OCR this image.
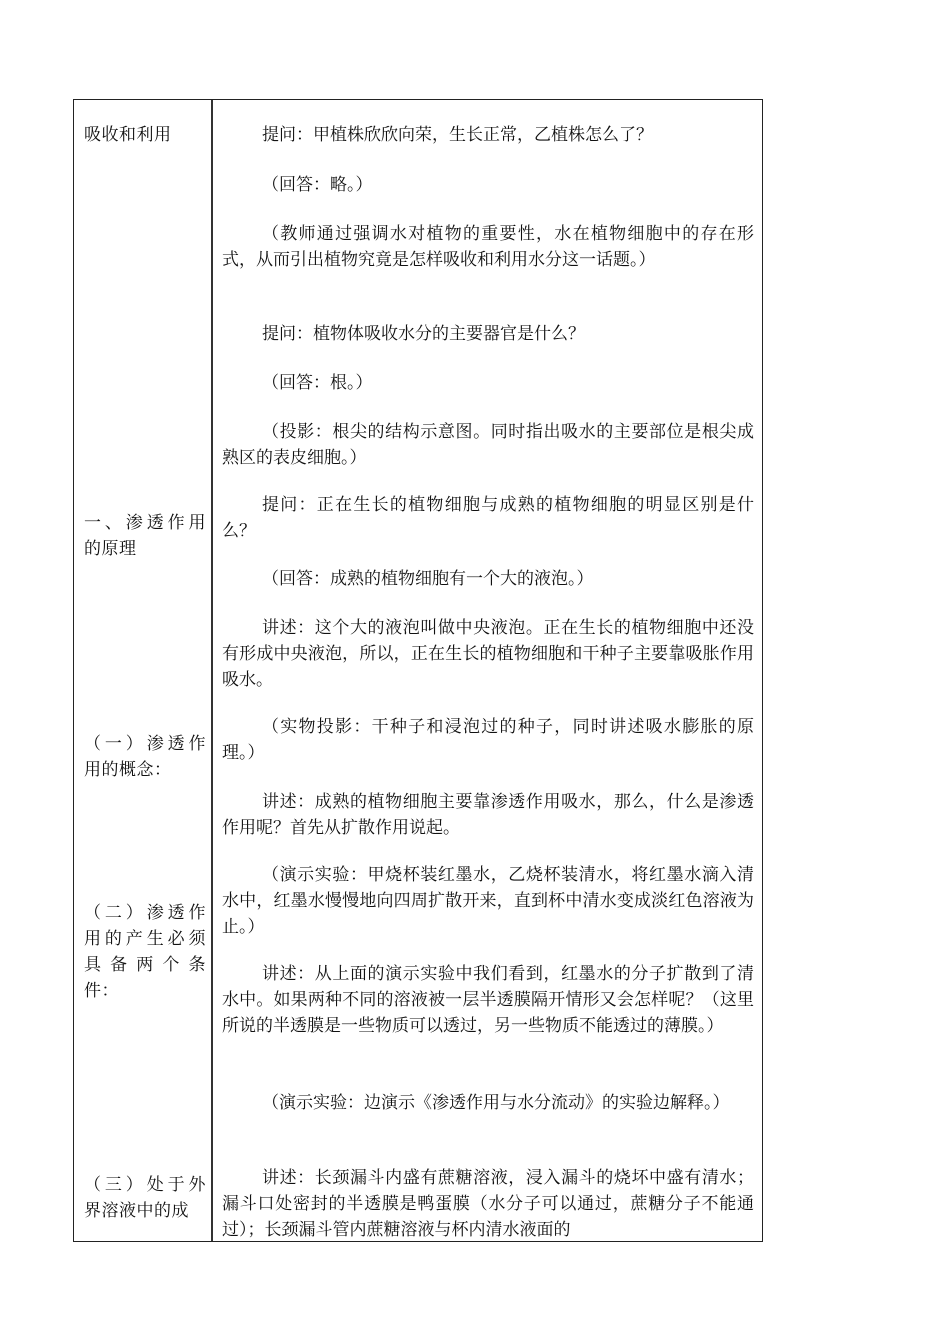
吸收和利用
一、渗透作用的原理
（一）渗透作用的概念：
（二）渗透作用的产生必须具备两个条件：
（三）处于外界溶液中的成
提问：甲植株欣欣向荣，生长正常，乙植株怎么了？
（回答：略。）
（教师通过强调水对植物的重要性，水在植物细胞中的存在形式，从而引出植物究竟是怎样吸收和利用水分这一话题。）
提问：植物体吸收水分的主要器官是什么？
（回答：根。）
（投影：根尖的结构示意图。同时指出吸水的主要部位是根尖成熟区的表皮细胞。）
提问：正在生长的植物细胞与成熟的植物细胞的明显区别是什么？
（回答：成熟的植物细胞有一个大的液泡。）
讲述：这个大的液泡叫做中央液泡。正在生长的植物细胞中还没有形成中央液泡，所以，正在生长的植物细胞和干种子主要靠吸胀作用吸水。
（实物投影：干种子和浸泡过的种子，同时讲述吸水膨胀的原理。）
讲述：成熟的植物细胞主要靠渗透作用吸水，那么，什么是渗透作用呢？首先从扩散作用说起。
（演示实验：甲烧杯装红墨水，乙烧杯装清水，将红墨水滴入清水中，红墨水慢慢地向四周扩散开来，直到杯中清水变成淡红色溶液为止。）
讲述：从上面的演示实验中我们看到，红墨水的分子扩散到了清水中。如果两种不同的溶液被一层半透膜隔开情形又会怎样呢？（这里所说的半透膜是一些物质可以透过，另一些物质不能透过的薄膜。）
（演示实验：边演示《渗透作用与水分流动》的实验边解释。）
讲述：长颈漏斗内盛有蔗糖溶液，浸入漏斗的烧坏中盛有清水；漏斗口处密封的半透膜是鸭蛋膜（水分子可以通过，蔗糖分子不能通过）；长颈漏斗管内蔗糖溶液与杯内清水液面的
